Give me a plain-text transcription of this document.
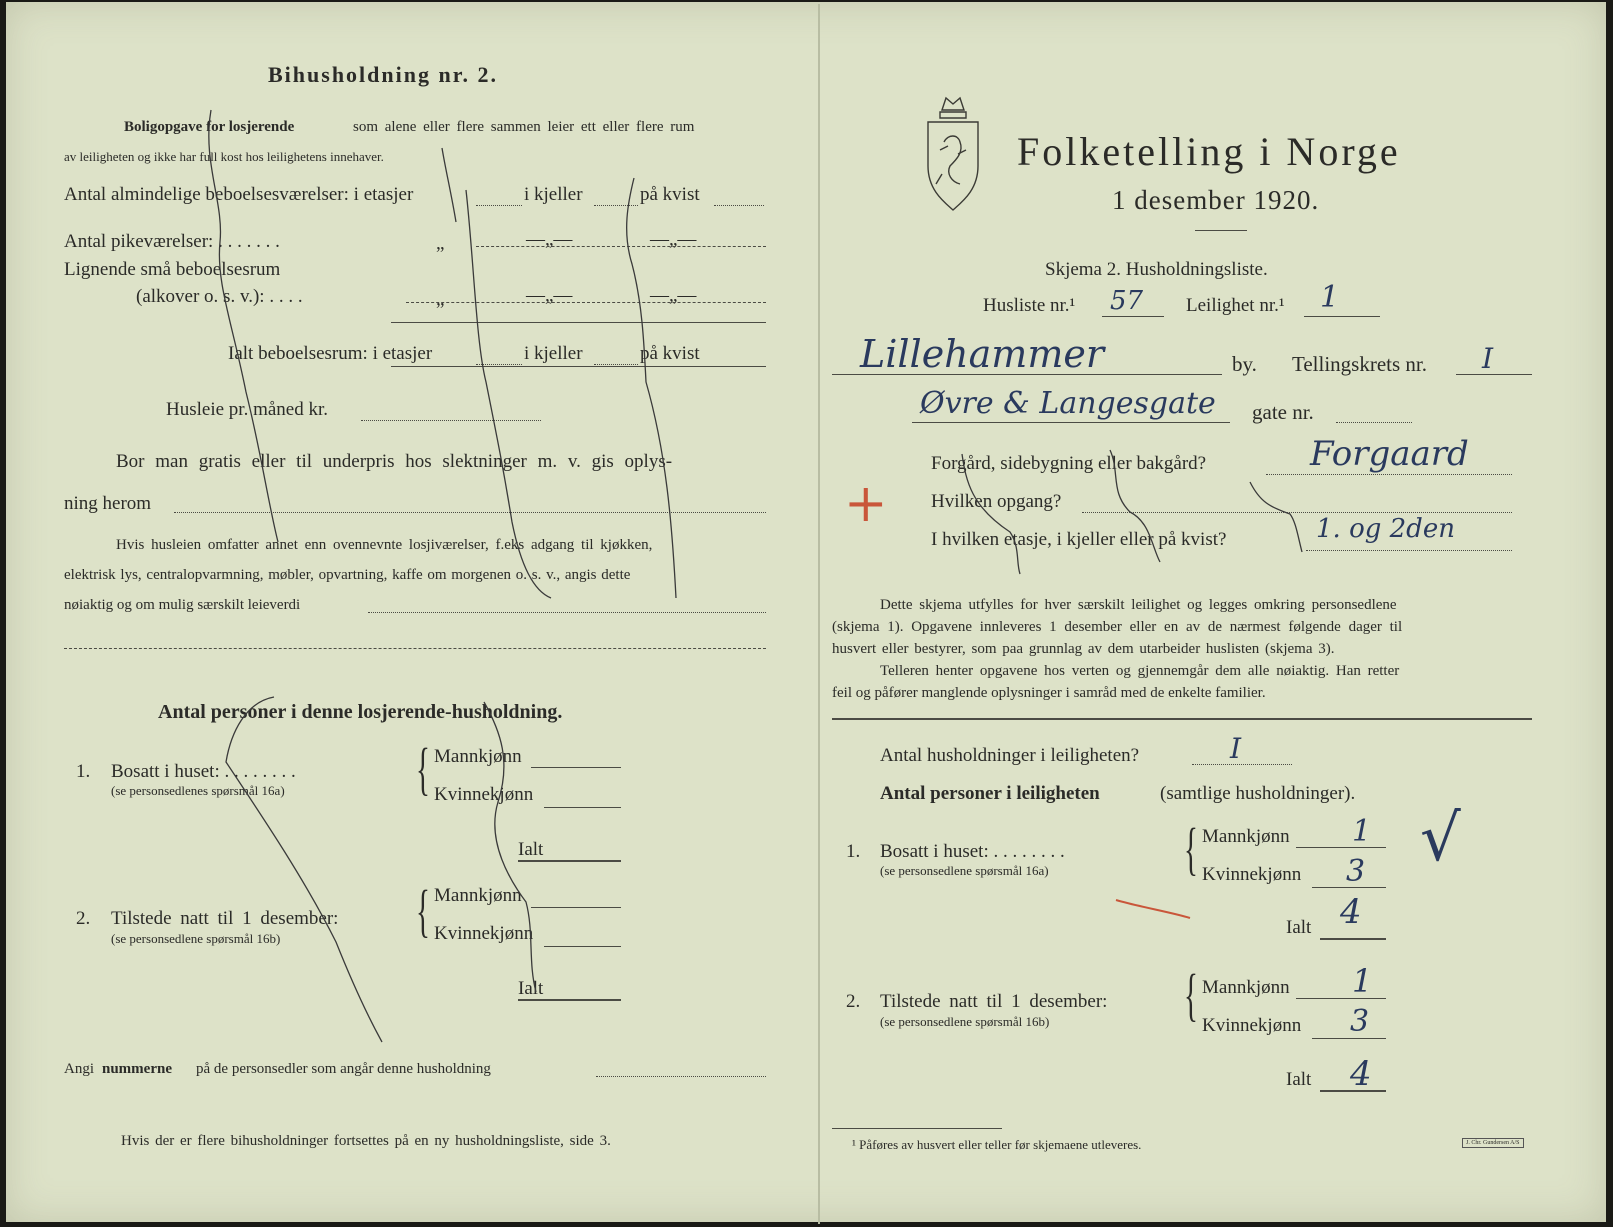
Bihusholdning nr. 2.
Boligopgave for losjerende	som alene eller flere sammen leier ett eller flere rum
av leiligheten og ikke har full kost hos leilighetens innehaver.
Antal almindelige beboelsesværelser: i etasjer	i kjeller	på kvist
Antal pikeværelser: . . . . . . .	„	—„—	—„—
Lignende små beboelsesrum
(alkover o. s. v.): . . . .	„	—„—	—„—
Ialt beboelsesrum: i etasjer	i kjeller	på kvist
Husleie pr. måned kr.
Bor man gratis eller til underpris hos slektninger m. v. gis oplys-
ning herom
Hvis husleien omfatter annet enn ovennevnte losjiværelser, f.eks adgang til kjøkken,
elektrisk lys, centralopvarmning, møbler, opvartning, kaffe om morgenen o. s. v., angis dette
nøiaktig og om mulig særskilt leieverdi
Antal personer i denne losjerende-husholdning.
1. Bosatt i huset: . . . . . . . .
(se personsedlenes spørsmål 16a) { Mannkjønn
Kvinnekjønn
Ialt
2. Tilstede natt til 1 desember:
(se personsedlene spørsmål 16b) { Mannkjønn
Kvinnekjønn
Ialt
Angi nummerne på de personsedler som angår denne husholdning
Hvis der er flere bihusholdninger fortsettes på en ny husholdningsliste, side 3.
Folketelling i Norge
1 desember 1920.
Skjema 2. Husholdningsliste.
Husliste nr.¹ 57 Leilighet nr.¹ 1
Lillehammer	by. Tellingskrets nr. I
Øvre & Langesgate gate nr.
Forgård, sidebygning eller bakgård?	Forgaard
+ Hvilken opgang?
I hvilken etasje, i kjeller eller på kvist?	1. og 2den
Dette skjema utfylles for hver særskilt leilighet og legges omkring personsedlene
(skjema 1). Opgavene innleveres 1 desember eller en av de nærmest følgende dager til
husvert eller bestyrer, som paa grunnlag av dem utarbeider huslisten (skjema 3).
Telleren henter opgavene hos verten og gjennemgår dem alle nøiaktig. Han retter
feil og påfører manglende oplysninger i samråd med de enkelte familier.
Antal husholdninger i leiligheten?	I
Antal personer i leiligheten	(samtlige husholdninger).
1. Bosatt i huset: . . . . . . . .
(se personsedlene spørsmål 16a) { Mannkjønn 1
Kvinnekjønn 3
Ialt 4
√
2. Tilstede natt til 1 desember:
(se personsedlene spørsmål 16b) { Mannkjønn 1
Kvinnekjønn 3
Ialt 4
¹ Påføres av husvert eller teller før skjemaene utleveres.	J. Chr. Gundersen A/S
